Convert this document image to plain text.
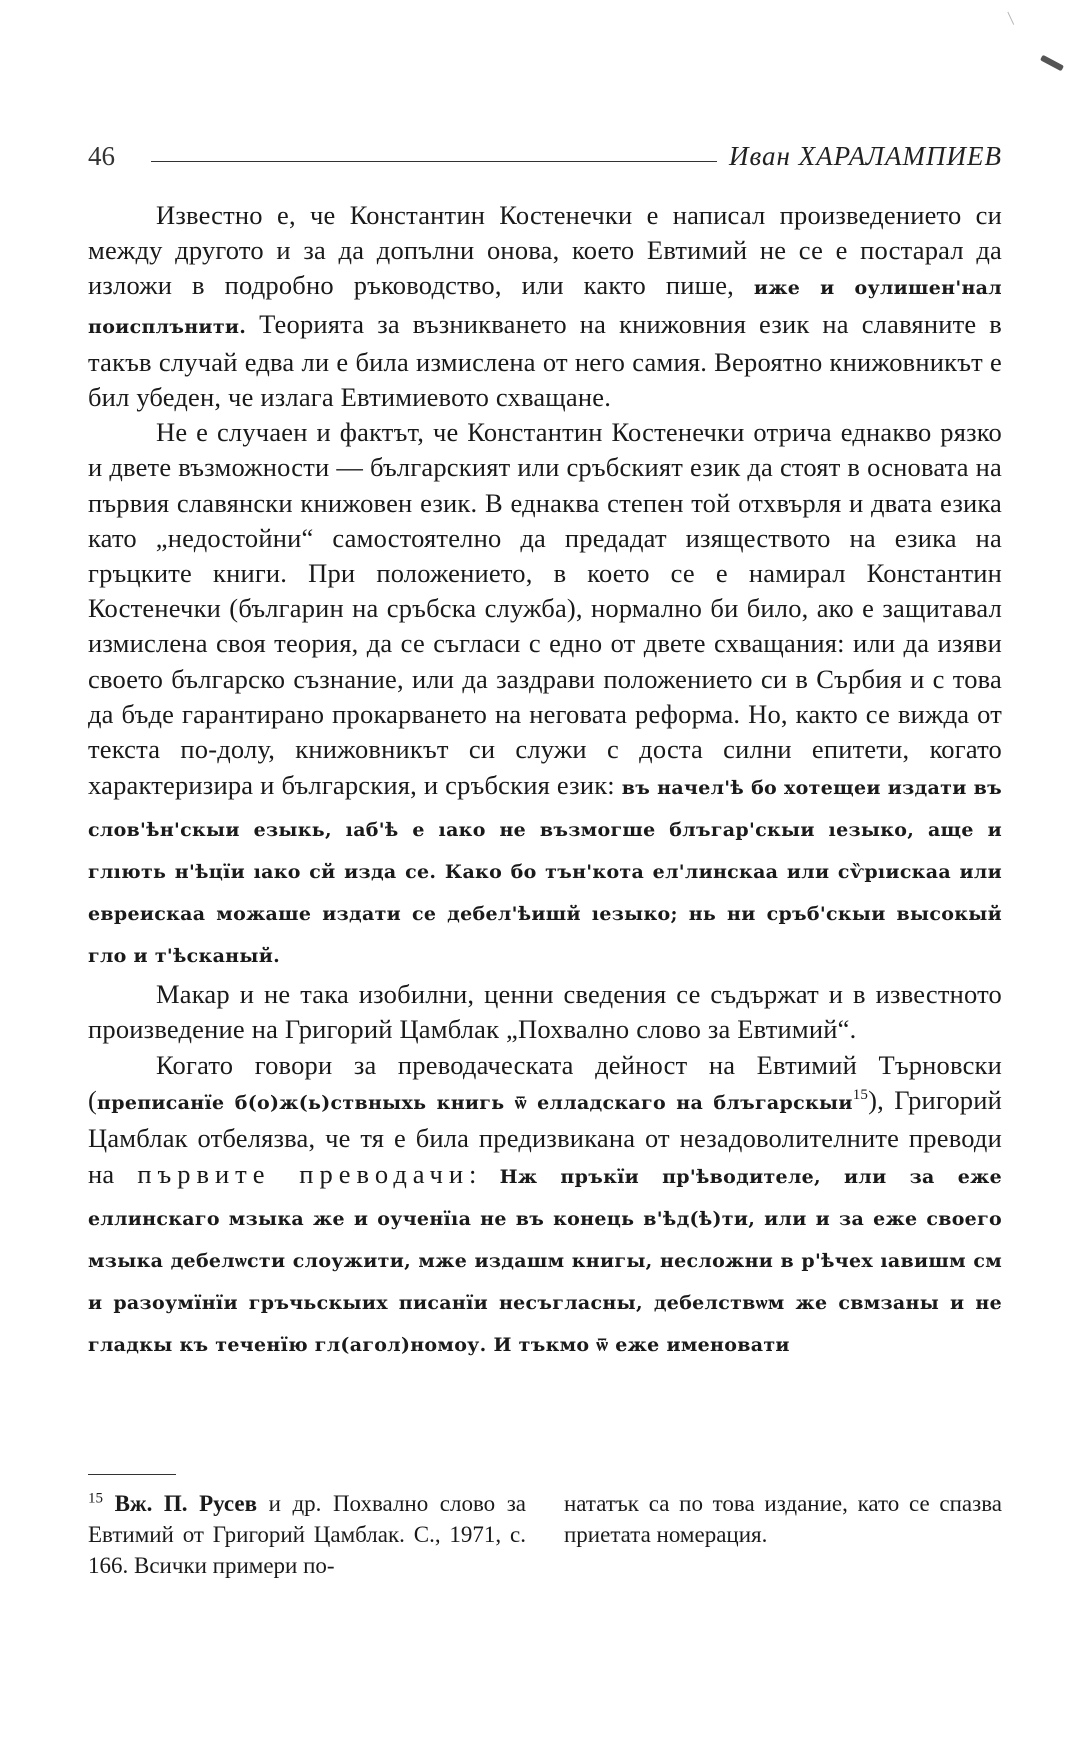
46	Иван ХАРАЛАМПИЕВ

Известно е, че Константин Костенечки е написал произведението си между другото и за да допълни онова, което Евтимий не се е постарал да изложи в подробно ръководство, или както пише, иже и оулишен'нал поисплънити. Теорията за възникването на книжовния език на славяните в такъв случай едва ли е била измислена от него самия. Вероятно книжовникът е бил убеден, че излага Евтимиевото схващане.

Не е случаен и фактът, че Константин Костенечки отрича еднакво рязко и двете възможности — българският или сръбският език да стоят в основата на първия славянски книжовен език. В еднаква степен той отхвърля и двата езика като „недостойни“ самостоятелно да предадат изяществото на езика на гръцките книги. При положението, в което се е намирал Константин Костенечки (българин на сръбска служба), нормално би било, ако е защитавал измислена своя теория, да се съгласи с едно от двете схващания: или да изяви своето българско съзнание, или да заздрави положението си в Сърбия и с това да бъде гарантирано прокарването на неговата реформа. Но, както се вижда от текста по-долу, книжовникът си служи с доста силни епитети, когато характеризира и българския, и сръбския език: въ начел'ѣ бо хотещеи издати въ слов'ѣн'скыи езыкь, ıаб'ѣ е ıако не възмогше блъгар'скыи ıезыко, аще и глıють н'ѣцїи ıако сй изда се. Како бо тън'кота ел'линскаа или сѷрıискаа или евреискаа можаше издати се дебел'ѣишй ıезыко; нь ни сръб'скыи высокый гло и т'ѣсканый.

Макар и не така изобилни, ценни сведения се съдържат и в известното произведение на Григорий Цамблак „Похвално слово за Евтимий“.

Когато говори за преводаческата дейност на Евтимий Търновски (преписанїе б(о)ж(ь)ствныхь книгь ѿ елладскаго на блъгарскыи$^{15}$), Григорий Цамблак отбелязва, че тя е била предизвикана от незадоволителните преводи на първите преводачи: Нж пръкїи пр'ѣвoдителе, или за еже еллинскаго мзыка же и оученїıа не въ конець в'ѣд(ѣ)ти, или и за еже своего мзыка дебелѡсти слоужити, мже издашм книгы, несложни в р'ѣчех ıавишм см и разоумїнїи гръчьскыих писанїи несъгласны, дебелствѡм же свмзаны и не гладкы къ теченїю гл(агол)номоу. И тъкмо ѿ еже именовати

$^{15}$ Вж. П. Русев и др. Похвално слово за Евтимий от Григорий Цамблак. С., 1971, с. 166. Всички примери по-
нататък са по това издание, като се спазва приетата номерация.
